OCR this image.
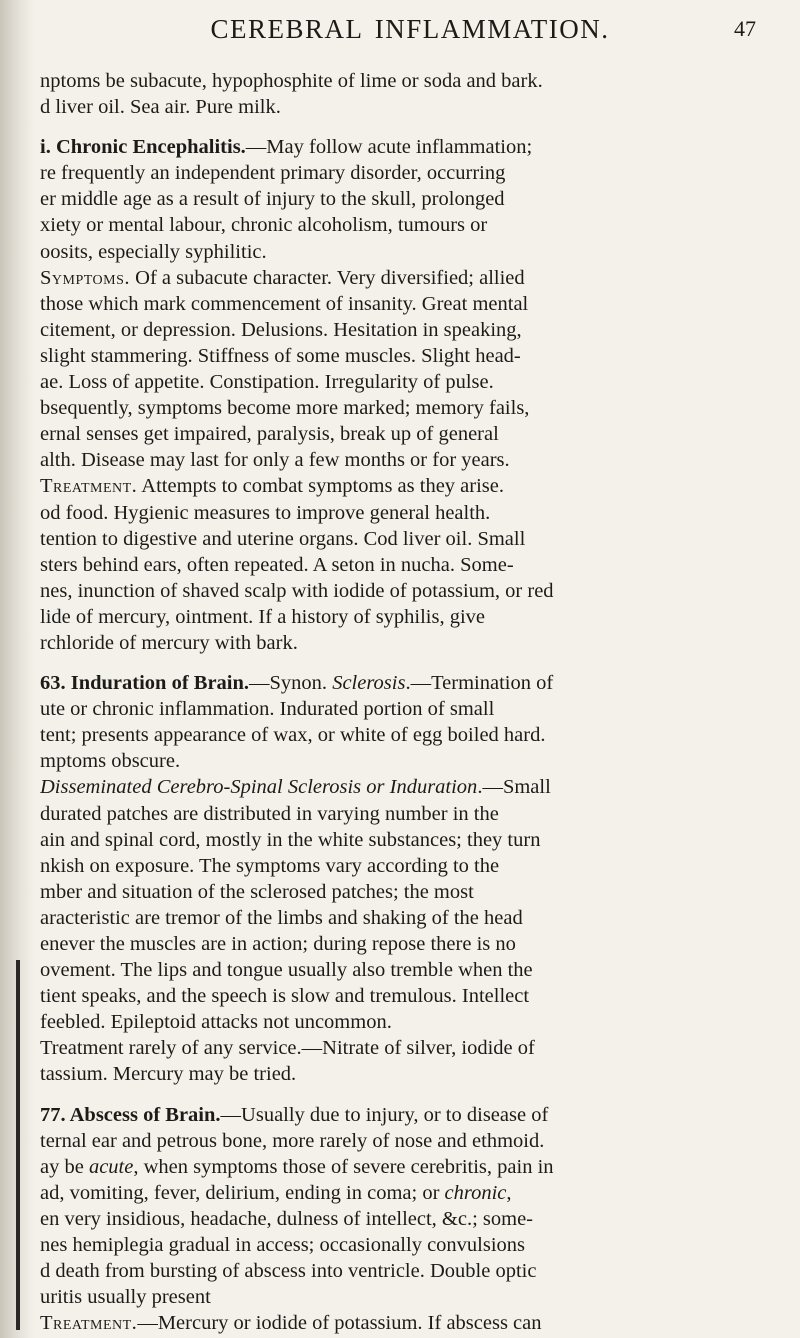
CEREBRAL INFLAMMATION.	47
nptoms be subacute, hypophosphite of lime or soda and bark.
d liver oil. Sea air. Pure milk.
i. Chronic Encephalitis.—May follow acute inflammation;
re frequently an independent primary disorder, occurring
er middle age as a result of injury to the skull, prolonged
xiety or mental labour, chronic alcoholism, tumours or
oosits, especially syphilitic.
Symptoms. Of a subacute character. Very diversified; allied
those which mark commencement of insanity. Great mental
citement, or depression. Delusions. Hesitation in speaking,
slight stammering. Stiffness of some muscles. Slight head-
ae. Loss of appetite. Constipation. Irregularity of pulse.
bsequently, symptoms become more marked; memory fails,
ernal senses get impaired, paralysis, break up of general
alth. Disease may last for only a few months or for years.
Treatment. Attempts to combat symptoms as they arise.
od food. Hygienic measures to improve general health.
tention to digestive and uterine organs. Cod liver oil. Small
sters behind ears, often repeated. A seton in nucha. Some-
nes, inunction of shaved scalp with iodide of potassium, or red
lide of mercury, ointment. If a history of syphilis, give
rchloride of mercury with bark.
63. Induration of Brain.—Synon. Sclerosis.—Termination of
ute or chronic inflammation. Indurated portion of small
tent; presents appearance of wax, or white of egg boiled hard.
mptoms obscure.
Disseminated Cerebro-Spinal Sclerosis or Induration.—Small
durated patches are distributed in varying number in the
ain and spinal cord, mostly in the white substances; they turn
nkish on exposure. The symptoms vary according to the
mber and situation of the sclerosed patches; the most
aracteristic are tremor of the limbs and shaking of the head
enever the muscles are in action; during repose there is no
ovement. The lips and tongue usually also tremble when the
tient speaks, and the speech is slow and tremulous. Intellect
feebled. Epileptoid attacks not uncommon.
Treatment rarely of any service.—Nitrate of silver, iodide of
tassium. Mercury may be tried.
77. Abscess of Brain.—Usually due to injury, or to disease of
ternal ear and petrous bone, more rarely of nose and ethmoid.
ay be acute, when symptoms those of severe cerebritis, pain in
ad, vomiting, fever, delirium, ending in coma; or chronic,
en very insidious, headache, dulness of intellect, &c.; some-
nes hemiplegia gradual in access; occasionally convulsions
d death from bursting of abscess into ventricle. Double optic
uritis usually present
Treatment.—Mercury or iodide of potassium. If abscess can
